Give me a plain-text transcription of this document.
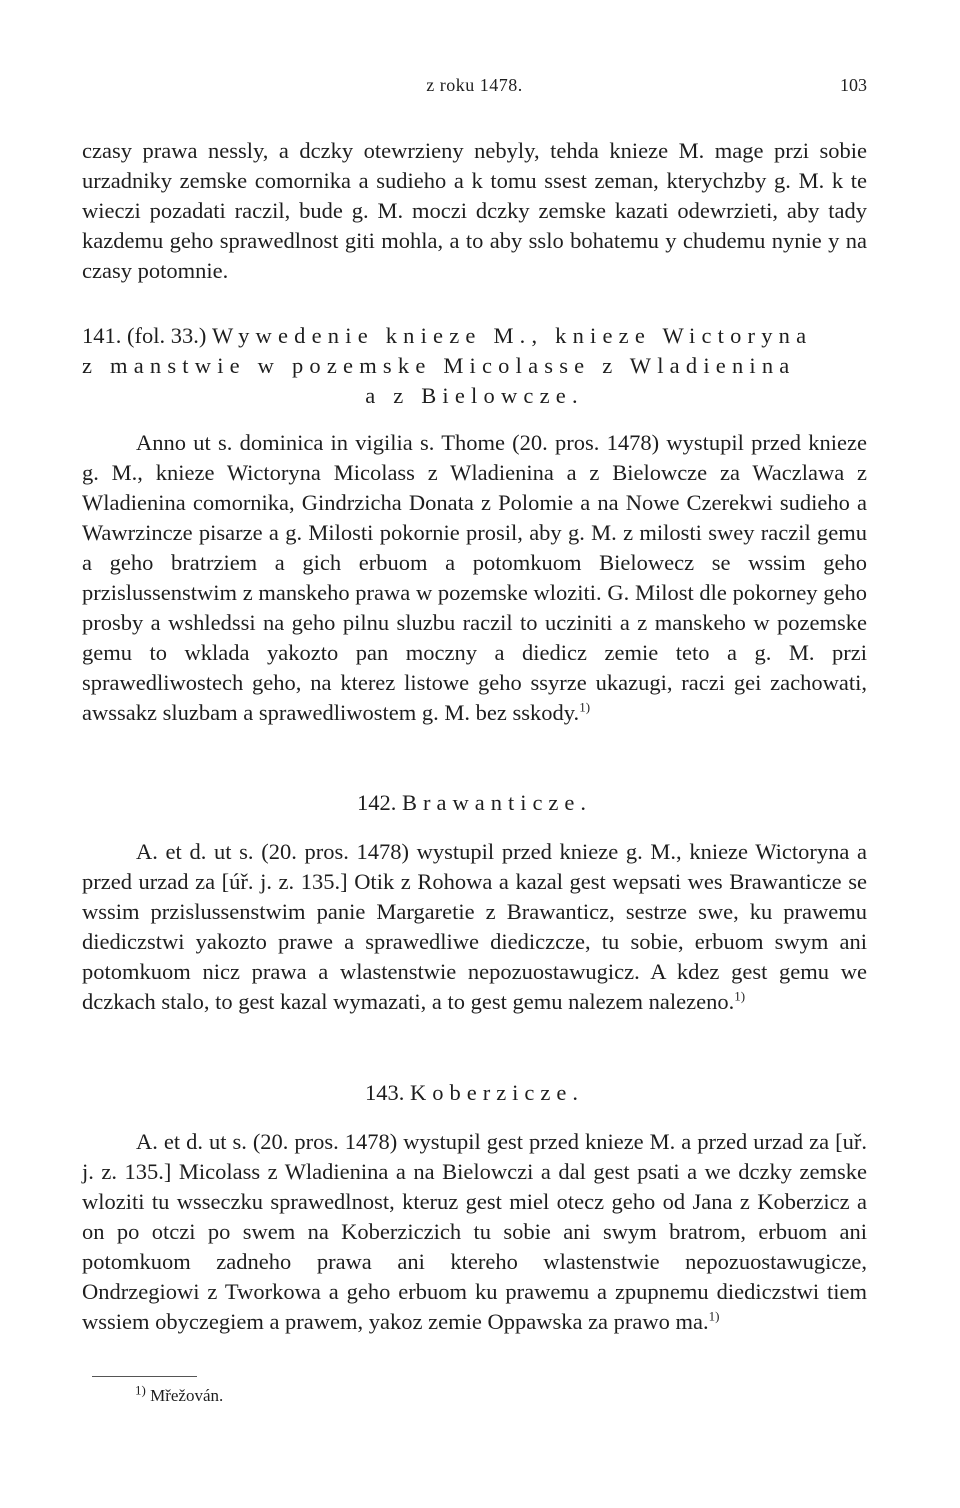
z roku 1478.	103

czasy prawa nessly, a dczky otewrzieny nebyly, tehda knieze M. mage przi sobie urzadniky zemske comornika a sudieho a k tomu ssest zeman, kterychzby g. M. k te wieczi pozadati raczil, bude g. M. moczi dczky zemske kazati odewrzieti, aby tady kazdemu geho sprawedlnost giti mohla, a to aby sslo bohatemu y chudemu nynie y na czasy potomnie.

141. (fol. 33.) Wywedenie knieze M., knieze Wictoryna
z manstwie w pozemske Micolasse z Wladienina
a z Bielowcze.

Anno ut s. dominica in vigilia s. Thome (20. pros. 1478) wystupil przed knieze g. M., knieze Wictoryna Micolass z Wladienina a z Bielowcze za Waczlawa z Wladienina comornika, Gindrzicha Donata z Polomie a na Nowe Czerekwi sudieho a Wawrzincze pisarze a g. Milosti pokornie prosil, aby g. M. z milosti swey raczil gemu a geho bratrziem a gich erbuom a potomkuom Bielowecz se wssim geho przislussenstwim z manskeho prawa w pozemske wloziti. G. Milost dle pokorney geho prosby a wshledssi na geho pilnu sluzbu raczil to ucziniti a z manskeho w pozemske gemu to wklada yakozto pan moczny a diedicz zemie teto a g. M. przi sprawedliwostech geho, na kterez listowe geho ssyrze ukazugi, raczi gei zachowati, awssakz sluzbam a sprawedliwostem g. M. bez sskody.$^{1)}$

142. Brawanticze.

A. et d. ut s. (20. pros. 1478) wystupil przed knieze g. M., knieze Wictoryna a przed urzad za [úř. j. z. 135.] Otik z Rohowa a kazal gest wepsati wes Brawanticze se wssim przislussenstwim panie Margaretie z Brawanticz, sestrze swe, ku prawemu diediczstwi yakozto prawe a sprawedliwe diediczcze, tu sobie, erbuom swym ani potomkuom nicz prawa a wlastenstwie nepozuostawugicz. A kdez gest gemu we dczkach stalo, to gest kazal wymazati, a to gest gemu nalezem nalezeno.$^{1)}$

143. Koberzicze.

A. et d. ut s. (20. pros. 1478) wystupil gest przed knieze M. a przed urzad za [uř. j. z. 135.] Micolass z Wladienina a na Bielowczi a dal gest psati a we dczky zemske wloziti tu wsseczku sprawedlnost, kteruz gest miel otecz geho od Jana z Koberzicz a on po otczi po swem na Koberziczich tu sobie ani swym bratrom, erbuom ani potomkuom zadneho prawa ani ktereho wlastenstwie nepozuostawugicze, Ondrzegiowi z Tworkowa a geho erbuom ku prawemu a zpupnemu diediczstwi tiem wssiem obyczegiem a prawem, yakoz zemie Oppawska za prawo ma.$^{1)}$

$^{1)}$ Mřežován.
